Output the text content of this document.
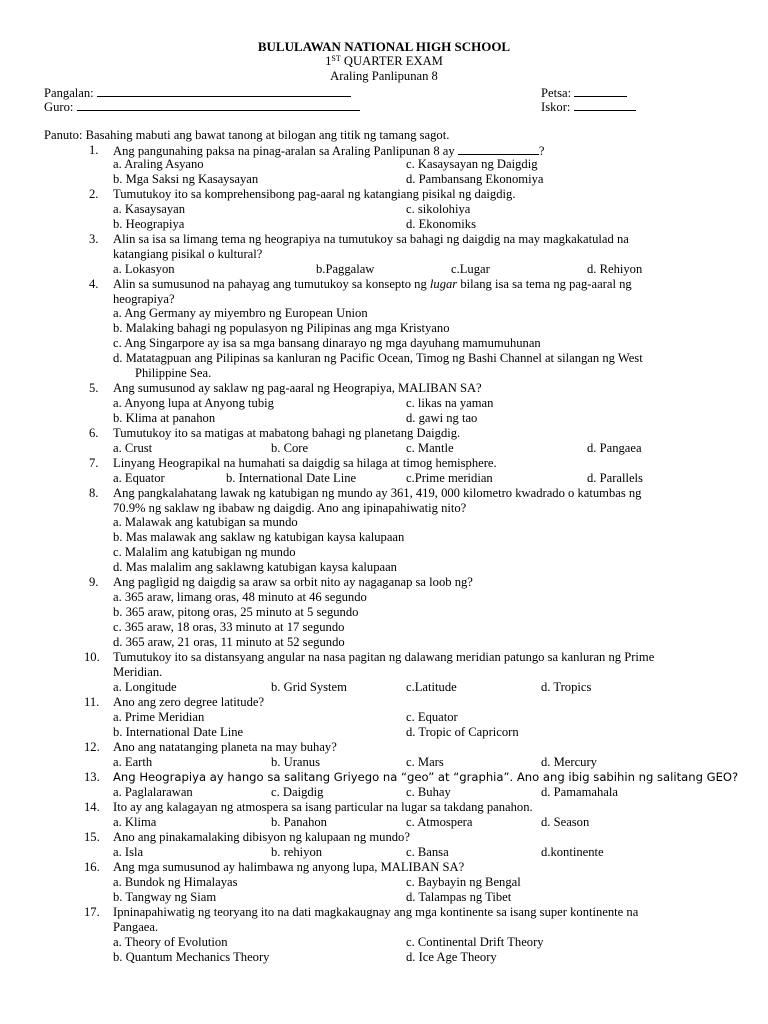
BULULAWAN NATIONAL HIGH SCHOOL
1ST QUARTER EXAM
Araling Panlipunan 8
Pangalan:
Guro:
Petsa:
Iskor:
Panuto: Basahing mabuti ang bawat tanong at bilogan ang titik ng tamang sagot.
1. Ang pangunahing paksa na pinag-aralan sa Araling Panlipunan 8 ay	?
a. Araling Asyano	c. Kasaysayan ng Daigdig
b. Mga Saksi ng Kasaysayan	d. Pambansang Ekonomiya
2. Tumutukoy ito sa komprehensibong pag-aaral ng katangiang pisikal ng daigdig.
a. Kasaysayan	c. sikolohiya
b. Heograpiya	d. Ekonomiks
3. Alin sa isa sa limang tema ng heograpiya na tumutukoy sa bahagi ng daigdig na may magkakatulad na
katangiang pisikal o kultural?
a. Lokasyon	b.Paggalaw	c.Lugar	d. Rehiyon
4. Alin sa sumusunod na pahayag ang tumutukoy sa konsepto ng lugar bilang isa sa tema ng pag-aaral ng
heograpiya?
a. Ang Germany ay miyembro ng European Union
b. Malaking bahagi ng populasyon ng Pilipinas ang mga Kristyano
c. Ang Singarpore ay isa sa mga bansang dinarayo ng mga dayuhang mamumuhunan
d. Matatagpuan ang Pilipinas sa kanluran ng Pacific Ocean, Timog ng Bashi Channel at silangan ng West
Philippine Sea.
5. Ang sumusunod ay saklaw ng pag-aaral ng Heograpiya, MALIBAN SA?
a. Anyong lupa at Anyong tubig	c. likas na yaman
b. Klima at panahon	d. gawi ng tao
6. Tumutukoy ito sa matigas at mabatong bahagi ng planetang Daigdig.
a. Crust	b. Core	c. Mantle	d. Pangaea
7. Linyang Heograpikal na humahati sa daigdig sa hilaga at timog hemisphere.
a. Equator	b. International Date Line	c.Prime meridian	d. Parallels
8. Ang pangkalahatang lawak ng katubigan ng mundo ay 361, 419, 000 kilometro kwadrado o katumbas ng
70.9% ng saklaw ng ibabaw ng daigdig. Ano ang ipinapahiwatig nito?
a. Malawak ang katubigan sa mundo
b. Mas malawak ang saklaw ng katubigan kaysa kalupaan
c. Malalim ang katubigan ng mundo
d. Mas malalim ang saklawng katubigan kaysa kalupaan
9. Ang paglìgid ng daigdig sa araw sa orbit nito ay nagaganap sa loob ng?
a. 365 araw, limang oras, 48 minuto at 46 segundo
b. 365 araw, pitong oras, 25 minuto at 5 segundo
c. 365 araw, 18 oras, 33 minuto at 17 segundo
d. 365 araw, 21 oras, 11 minuto at 52 segundo
10. Tumutukoy ito sa distansyang angular na nasa pagitan ng dalawang meridian patungo sa kanluran ng Prime
Meridian.
a. Longitude	b. Grid System	c.Latitude	d. Tropics
11. Ano ang zero degree latitude?
a. Prime Meridian	c. Equator
b. International Date Line	d. Tropic of Capricorn
12. Ano ang natatanging planeta na may buhay?
a. Earth	b. Uranus	c. Mars	d. Mercury
13. Ang Heograpiya ay hango sa salitang Griyego na “geo” at “graphia”. Ano ang ibig sabihin ng salitang GEO?
a. Paglalarawan	c. Daigdig	c. Buhay	d. Pamamahala
14. Ito ay ang kalagayan ng atmospera sa isang particular na lugar sa takdang panahon.
a. Klima	b. Panahon	c. Atmospera	d. Season
15. Ano ang pinakamalaking dibisyon ng kalupaan ng mundo?
a. Isla	b. rehiyon	c. Bansa	d.kontinente
16. Ang mga sumusunod ay halimbawa ng anyong lupa, MALIBAN SA?
a. Bundok ng Himalayas	c. Baybayin ng Bengal
b. Tangway ng Siam	d. Talampas ng Tibet
17. Ipninapahiwatig ng teoryang ito na dati magkakaugnay ang mga kontinente sa isang super kontinente na
Pangaea.
a. Theory of Evolution	c. Continental Drift Theory
b. Quantum Mechanics Theory	d. Ice Age Theory
